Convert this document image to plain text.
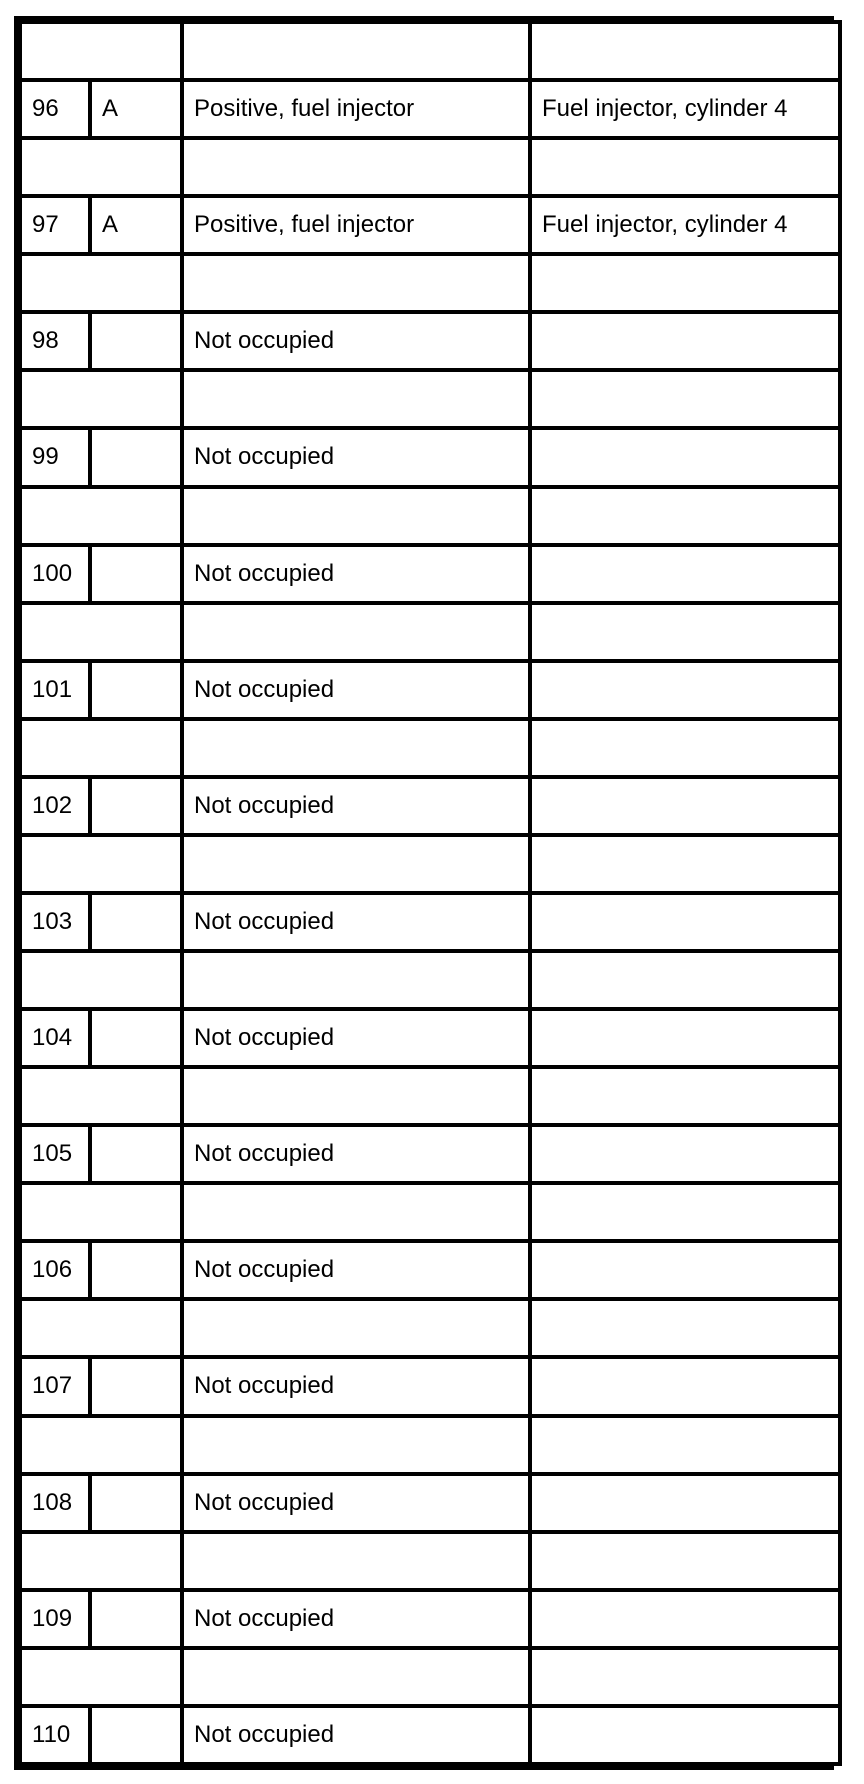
96	A	Positive, fuel injector	Fuel injector, cylinder 4

97	A	Positive, fuel injector	Fuel injector, cylinder 4

98		Not occupied	

99		Not occupied	

100		Not occupied	

101		Not occupied	

102		Not occupied	

103		Not occupied	

104		Not occupied	

105		Not occupied	

106		Not occupied	

107		Not occupied	

108		Not occupied	

109		Not occupied	

110		Not occupied	
